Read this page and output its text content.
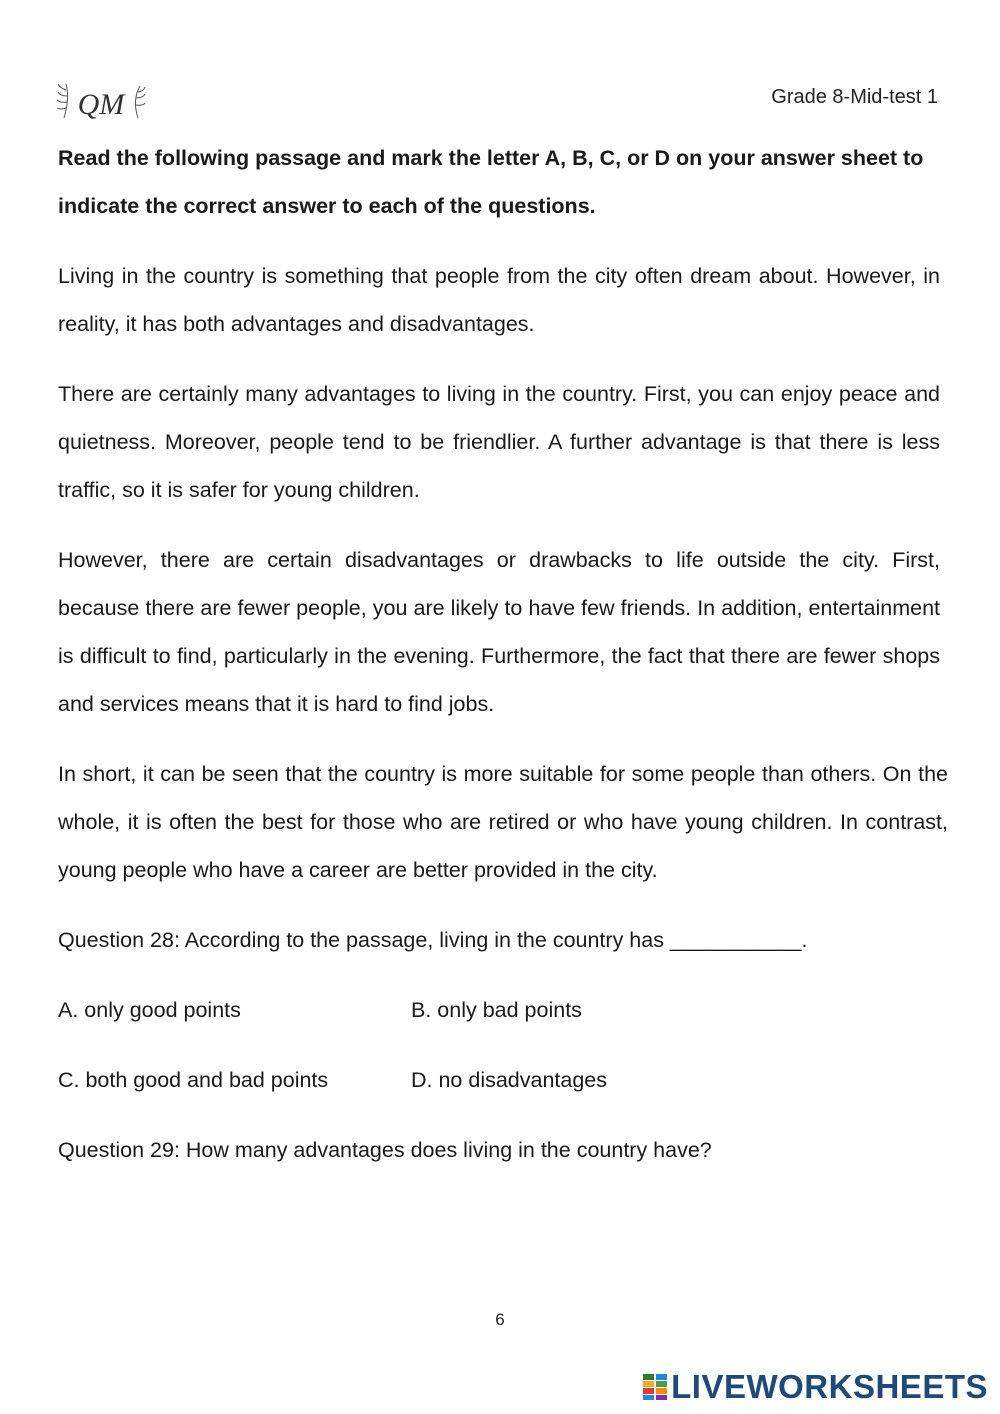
QM	Grade 8-Mid-test 1

Read the following passage and mark the letter A, B, C, or D on your answer sheet to indicate the correct answer to each of the questions.

Living in the country is something that people from the city often dream about. However, in reality, it has both advantages and disadvantages.

There are certainly many advantages to living in the country. First, you can enjoy peace and quietness. Moreover, people tend to be friendlier. A further advantage is that there is less traffic, so it is safer for young children.

However, there are certain disadvantages or drawbacks to life outside the city. First, because there are fewer people, you are likely to have few friends. In addition, entertainment is difficult to find, particularly in the evening. Furthermore, the fact that there are fewer shops and services means that it is hard to find jobs.

In short, it can be seen that the country is more suitable for some people than others. On the whole, it is often the best for those who are retired or who have young children. In contrast, young people who have a career are better provided in the city.

Question 28: According to the passage, living in the country has ___________.

A. only good points	B. only bad points
C. both good and bad points	D. no disadvantages

Question 29: How many advantages does living in the country have?

6
LIVEWORKSHEETS
